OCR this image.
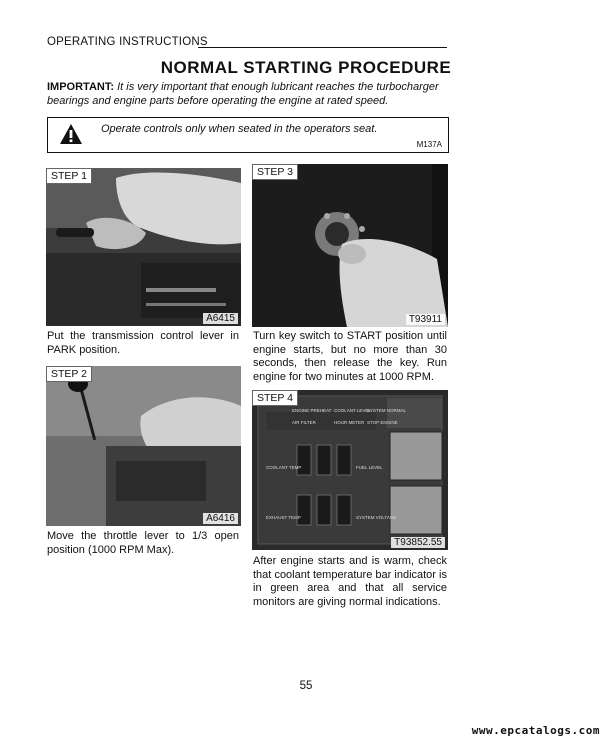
OPERATING INSTRUCTIONS
NORMAL STARTING PROCEDURE
IMPORTANT: It is very important that enough lubricant reaches the turbocharger bearings and engine parts before operating the engine at rated speed.
Operate controls only when seated in the operators seat.
M137A
STEP 1
A6415
Put the transmission control lever in PARK position.
STEP 2
A6416
Move the throttle lever to 1/3 open position (1000 RPM Max).
STEP 3
T93911
Turn key switch to START position until engine starts, but no more than 30 seconds, then release the key. Run engine for two minutes at 1000 RPM.
ENGINE PREHEAT COOLANT LEVEL
SYSTEM NORMAL
AIR FILTER	HOUR METER STOP ENGINE
COOLANT TEMP	FUEL LEVEL
EXHAUST TEMP	SYSTEM VOLTAGE
STEP 4
T93852.55
After engine starts and is warm, check that coolant temperature bar indicator is in green area and that all service monitors are giving normal indications.
55
www.epcatalogs.com
